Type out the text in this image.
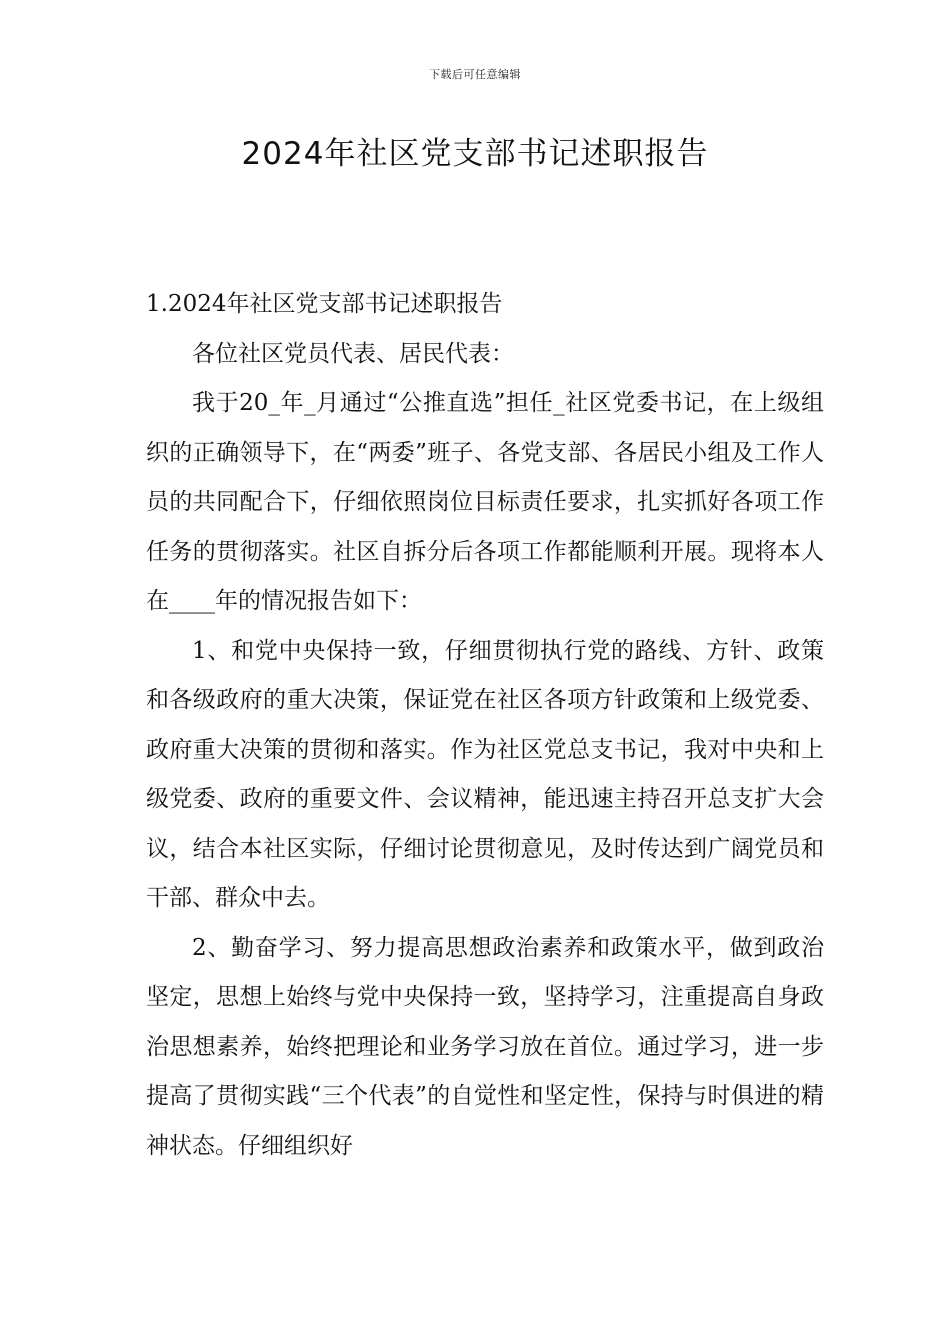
下载后可任意编辑
2024年社区党支部书记述职报告

1.2024年社区党支部书记述职报告

各位社区党员代表、居民代表：

我于20_年_月通过“公推直选”担任_社区党委书记，在上级组织的正确领导下，在“两委”班子、各党支部、各居民小组及工作人员的共同配合下，仔细依照岗位目标责任要求，扎实抓好各项工作任务的贯彻落实。社区自拆分后各项工作都能顺利开展。现将本人在____年的情况报告如下：

1、和党中央保持一致，仔细贯彻执行党的路线、方针、政策和各级政府的重大决策，保证党在社区各项方针政策和上级党委、政府重大决策的贯彻和落实。作为社区党总支书记，我对中央和上级党委、政府的重要文件、会议精神，能迅速主持召开总支扩大会议，结合本社区实际，仔细讨论贯彻意见，及时传达到广阔党员和干部、群众中去。

2、勤奋学习、努力提高思想政治素养和政策水平，做到政治坚定，思想上始终与党中央保持一致，坚持学习，注重提高自身政治思想素养，始终把理论和业务学习放在首位。通过学习，进一步提高了贯彻实践“三个代表”的自觉性和坚定性，保持与时俱进的精神状态。仔细组织好
